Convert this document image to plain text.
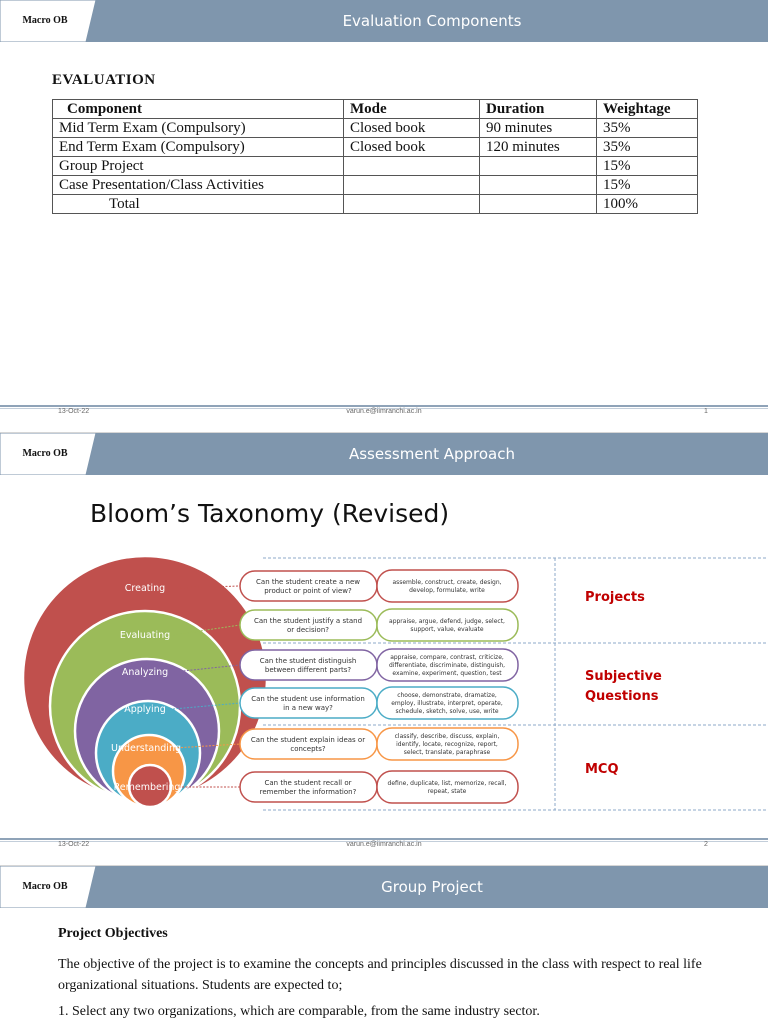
Macro OB	Evaluation Components
EVALUATION
Component	Mode	Duration	Weightage
Mid Term Exam (Compulsory)	Closed book	90 minutes	35%
End Term Exam (Compulsory)	Closed book	120 minutes	35%
Group Project			15%
Case Presentation/Class Activities			15%
Total			100%
13-Oct-22	varun.e@iimranchi.ac.in	1
Macro OB	Assessment Approach
Bloom’s Taxonomy (Revised)
Creating
Can the student create a new product or point of view?
assemble, construct, create, design, develop, formulate, write
Evaluating
Can the student justify a stand or decision?
appraise, argue, defend, judge, select, support, value, evaluate
Analyzing
Can the student distinguish between different parts?
appraise, compare, contrast, criticize, differentiate, discriminate, distinguish, examine, experiment, question, test
Applying
Can the student use information in a new way?
choose, demonstrate, dramatize, employ, illustrate, interpret, operate, schedule, sketch, solve, use, write
Understanding
Can the student explain ideas or concepts?
classify, describe, discuss, explain, identify, locate, recognize, report, select, translate, paraphrase
Remembering	Can the student recall or remember the information?
define, duplicate, list, memorize, recall, repeat, state
Projects
Subjective Questions
MCQ
13-Oct-22	varun.e@iimranchi.ac.in	2
Macro OB	Group Project
Project Objectives
The objective of the project is to examine the concepts and principles discussed in the class with respect to real life organizational situations. Students are expected to;
1. Select any two organizations, which are comparable, from the same industry sector.
